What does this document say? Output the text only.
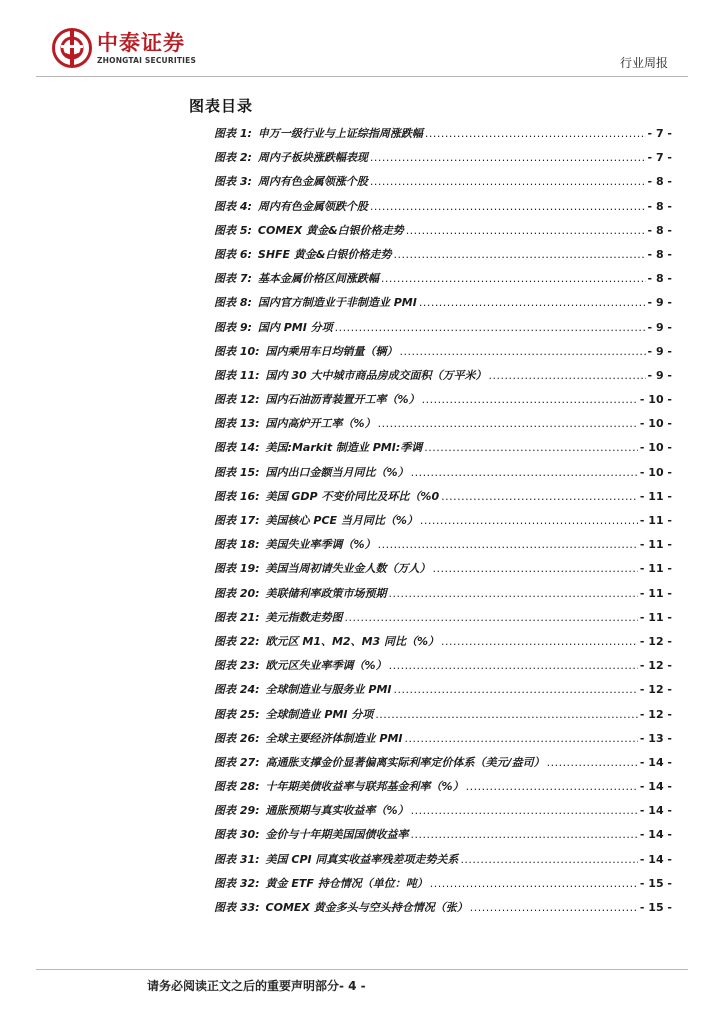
中泰证券
ZHONGTAI SECURITIES	行业周报
图表目录
图表 1: 申万一级行业与上证综指周涨跌幅 .....	- 7 -
图表 2: 周内子板块涨跌幅表现 .....	- 7 -
图表 3: 周内有色金属领涨个股 .....	- 8 -
图表 4: 周内有色金属领跌个股 .....	- 8 -
图表 5: COMEX 黄金&白银价格走势 .....	- 8 -
图表 6: SHFE 黄金&白银价格走势 .....	- 8 -
图表 7: 基本金属价格区间涨跌幅 .....	- 8 -
图表 8: 国内官方制造业于非制造业 PMI .....	- 9 -
图表 9: 国内 PMI 分项 .....	- 9 -
图表 10: 国内乘用车日均销量（辆） .....	- 9 -
图表 11: 国内 30 大中城市商品房成交面积（万平米） .....	- 9 -
图表 12: 国内石油沥青装置开工率（%） .....	- 10 -
图表 13: 国内高炉开工率（%） .....	- 10 -
图表 14: 美国:Markit 制造业 PMI:季调 .....	- 10 -
图表 15: 国内出口金额当月同比（%） .....	- 10 -
图表 16: 美国 GDP 不变价同比及环比（%0 .....	- 11 -
图表 17: 美国核心 PCE 当月同比（%） .....	- 11 -
图表 18: 美国失业率季调（%） .....	- 11 -
图表 19: 美国当周初请失业金人数（万人） .....	- 11 -
图表 20: 美联储利率政策市场预期 .....	- 11 -
图表 21: 美元指数走势图 .....	- 11 -
图表 22: 欧元区 M1、M2、M3 同比（%） .....	- 12 -
图表 23: 欧元区失业率季调（%） .....	- 12 -
图表 24: 全球制造业与服务业 PMI .....	- 12 -
图表 25: 全球制造业 PMI 分项 .....	- 12 -
图表 26: 全球主要经济体制造业 PMI .....	- 13 -
图表 27: 高通胀支撑金价显著偏离实际利率定价体系（美元/盎司） .....	- 14 -
图表 28: 十年期美债收益率与联邦基金利率（%） .....	- 14 -
图表 29: 通胀预期与真实收益率（%） .....	- 14 -
图表 30: 金价与十年期美国国债收益率 .....	- 14 -
图表 31: 美国 CPI 同真实收益率残差项走势关系 .....	- 14 -
图表 32: 黄金 ETF 持仓情况（单位：吨） .....	- 15 -
图表 33: COMEX 黄金多头与空头持仓情况（张） .....	- 15 -
请务必阅读正文之后的重要声明部分- 4 -
